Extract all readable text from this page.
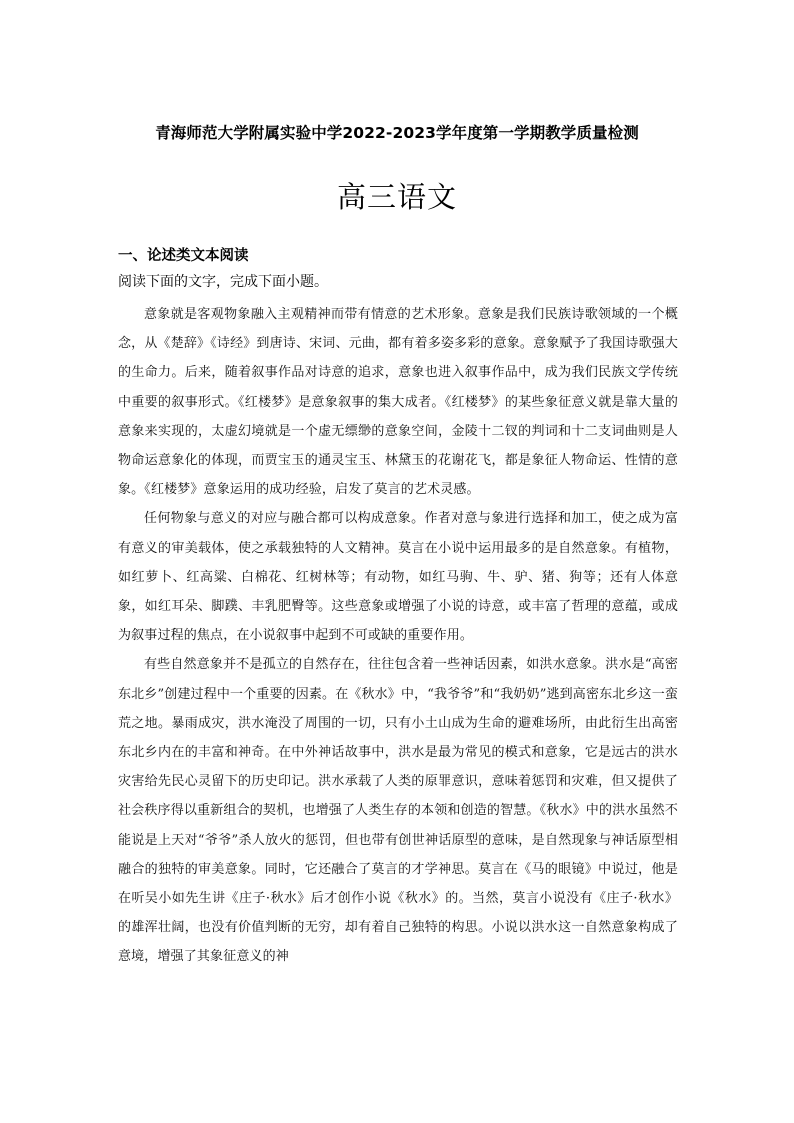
青海师范大学附属实验中学2022-2023学年度第一学期教学质量检测
高三语文
一、论述类文本阅读
阅读下面的文字，完成下面小题。

意象就是客观物象融入主观精神而带有情意的艺术形象。意象是我们民族诗歌领域的一个概念，从《楚辞》《诗经》到唐诗、宋词、元曲，都有着多姿多彩的意象。意象赋予了我国诗歌强大的生命力。后来，随着叙事作品对诗意的追求，意象也进入叙事作品中，成为我们民族文学传统中重要的叙事形式。《红楼梦》是意象叙事的集大成者。《红楼梦》的某些象征意义就是靠大量的意象来实现的，太虚幻境就是一个虚无缥缈的意象空间，金陵十二钗的判词和十二支词曲则是人物命运意象化的体现，而贾宝玉的通灵宝玉、林黛玉的花谢花飞，都是象征人物命运、性情的意象。《红楼梦》意象运用的成功经验，启发了莫言的艺术灵感。

任何物象与意义的对应与融合都可以构成意象。作者对意与象进行选择和加工，使之成为富有意义的审美载体，使之承载独特的人文精神。莫言在小说中运用最多的是自然意象。有植物，如红萝卜、红高粱、白棉花、红树林等；有动物，如红马驹、牛、驴、猪、狗等；还有人体意象，如红耳朵、脚蹼、丰乳肥臀等。这些意象或增强了小说的诗意，或丰富了哲理的意蕴，或成为叙事过程的焦点，在小说叙事中起到不可或缺的重要作用。

有些自然意象并不是孤立的自然存在，往往包含着一些神话因素，如洪水意象。洪水是“高密东北乡”创建过程中一个重要的因素。在《秋水》中，“我爷爷”和“我奶奶”逃到高密东北乡这一蛮荒之地。暴雨成灾，洪水淹没了周围的一切，只有小土山成为生命的避难场所，由此衍生出高密东北乡内在的丰富和神奇。在中外神话故事中，洪水是最为常见的模式和意象，它是远古的洪水灾害给先民心灵留下的历史印记。洪水承载了人类的原罪意识，意味着惩罚和灾难，但又提供了社会秩序得以重新组合的契机，也增强了人类生存的本领和创造的智慧。《秋水》中的洪水虽然不能说是上天对“爷爷”杀人放火的惩罚，但也带有创世神话原型的意味，是自然现象与神话原型相融合的独特的审美意象。同时，它还融合了莫言的才学神思。莫言在《马的眼镜》中说过，他是在听吴小如先生讲《庄子·秋水》后才创作小说《秋水》的。当然，莫言小说没有《庄子·秋水》的雄浑壮阔，也没有价值判断的无穷，却有着自己独特的构思。小说以洪水这一自然意象构成了意境，增强了其象征意义的神
